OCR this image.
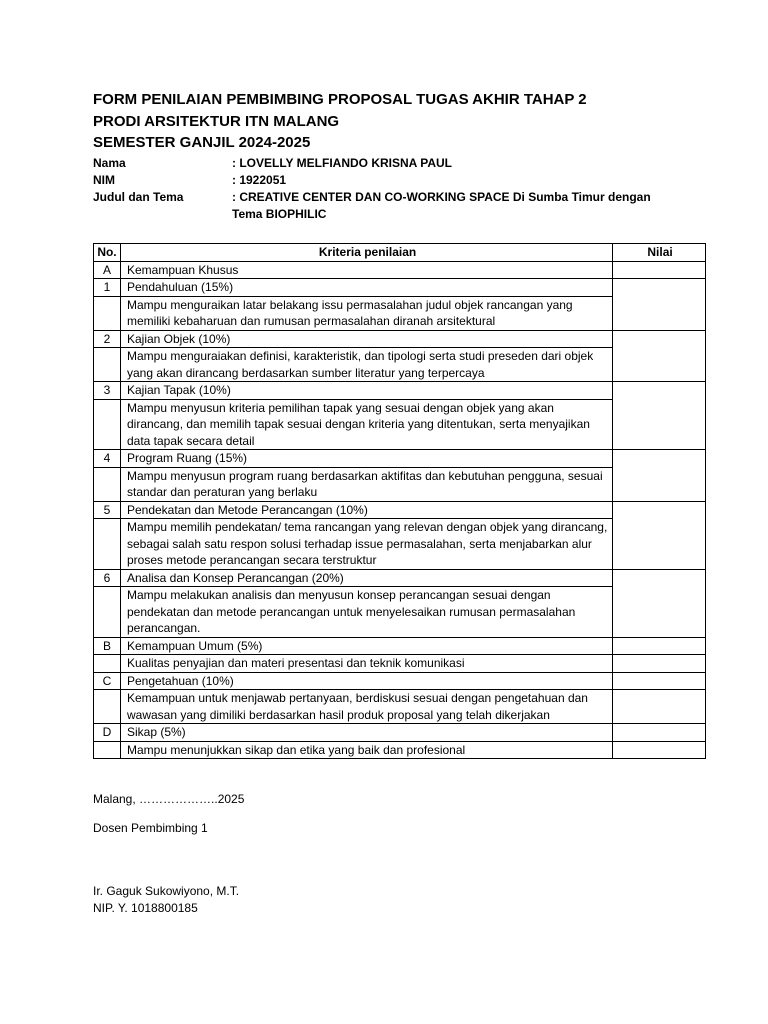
FORM PENILAIAN PEMBIMBING PROPOSAL TUGAS AKHIR TAHAP 2
PRODI ARSITEKTUR ITN MALANG
SEMESTER GANJIL 2024-2025
Nama	: LOVELLY MELFIANDO KRISNA PAUL
NIM	: 1922051
Judul dan Tema	: CREATIVE CENTER DAN CO-WORKING SPACE Di Sumba Timur dengan Tema BIOPHILIC
No.	Kriteria penilaian	Nilai
A	Kemampuan Khusus	
1	Pendahuluan (15%)	
	Mampu menguraikan latar belakang issu permasalahan judul objek rancangan yang memiliki kebaharuan dan rumusan permasalahan diranah arsitektural	
2	Kajian Objek (10%)	
	Mampu menguraiakan definisi, karakteristik, dan tipologi serta studi preseden dari objek yang akan dirancang berdasarkan sumber literatur yang terpercaya	
3	Kajian Tapak (10%)	
	Mampu menyusun kriteria pemilihan tapak yang sesuai dengan objek yang akan dirancang, dan memilih tapak sesuai dengan kriteria yang ditentukan, serta menyajikan data tapak secara detail	
4	Program Ruang (15%)	
	Mampu menyusun program ruang berdasarkan aktifitas dan kebutuhan pengguna, sesuai standar dan peraturan yang berlaku	
5	Pendekatan dan Metode Perancangan (10%)	
	Mampu memilih pendekatan/ tema rancangan yang relevan dengan objek yang dirancang, sebagai salah satu respon solusi terhadap issue permasalahan, serta menjabarkan alur proses metode perancangan secara terstruktur	
6	Analisa dan Konsep Perancangan (20%)	
	Mampu melakukan analisis dan menyusun konsep perancangan sesuai dengan pendekatan dan metode perancangan untuk menyelesaikan rumusan permasalahan perancangan.	
B	Kemampuan Umum (5%)	
	Kualitas penyajian dan materi presentasi dan teknik komunikasi	
C	Pengetahuan (10%)	
	Kemampuan untuk menjawab pertanyaan, berdiskusi sesuai dengan pengetahuan dan wawasan yang dimiliki berdasarkan hasil produk proposal yang telah dikerjakan	
D	Sikap (5%)	
	Mampu menunjukkan sikap dan etika yang baik dan profesional	
Malang, ………………..2025
Dosen Pembimbing 1
Ir. Gaguk Sukowiyono, M.T.
NIP. Y. 1018800185
